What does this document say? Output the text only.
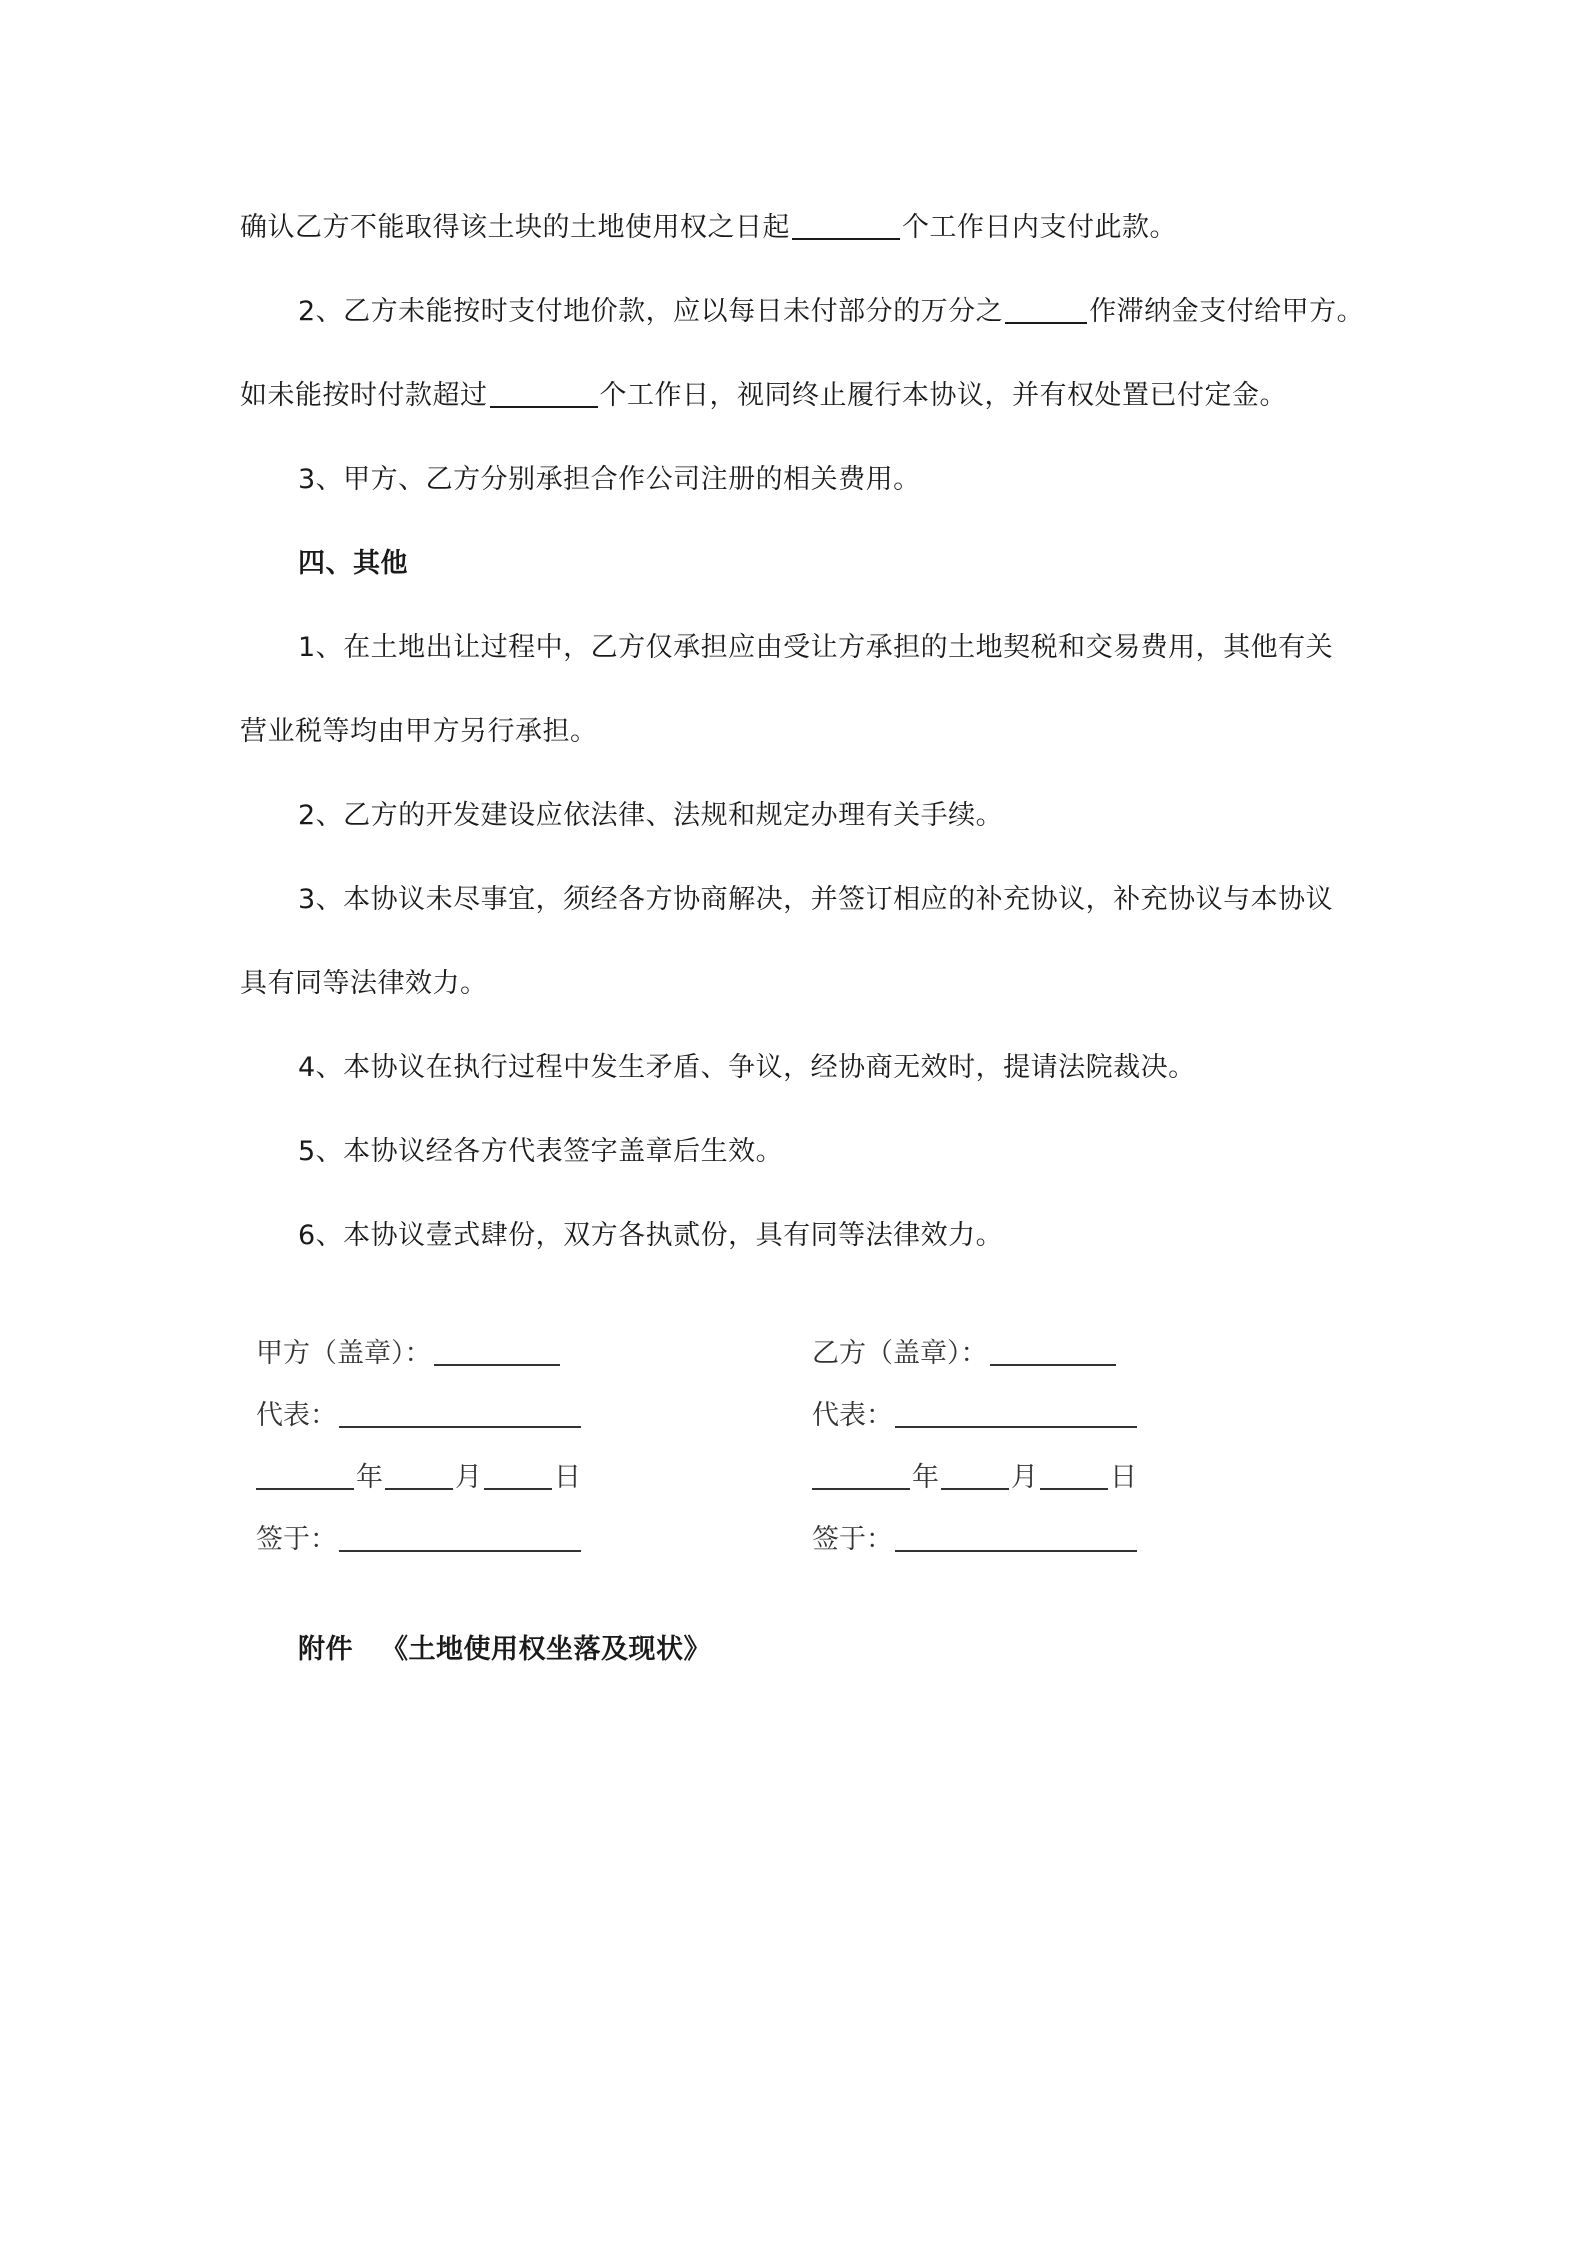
确认乙方不能取得该土块的土地使用权之日起	个工作日内支付此款。
2、乙方未能按时支付地价款，应以每日未付部分的万分之	作滞纳金支付给甲方。
如未能按时付款超过	个工作日，视同终止履行本协议，并有权处置已付定金。
3、甲方、乙方分别承担合作公司注册的相关费用。
四、其他
1、在土地出让过程中，乙方仅承担应由受让方承担的土地契税和交易费用，其他有关
营业税等均由甲方另行承担。
2、乙方的开发建设应依法律、法规和规定办理有关手续。
3、本协议未尽事宜，须经各方协商解决，并签订相应的补充协议，补充协议与本协议
具有同等法律效力。
4、本协议在执行过程中发生矛盾、争议，经协商无效时，提请法院裁决。
5、本协议经各方代表签字盖章后生效。
6、本协议壹式肆份，双方各执贰份，具有同等法律效力。
甲方（盖章）：
代表：
年	月	日
签于：
乙方（盖章）：
代表：
年	月	日
签于：
附件 《土地使用权坐落及现状》
